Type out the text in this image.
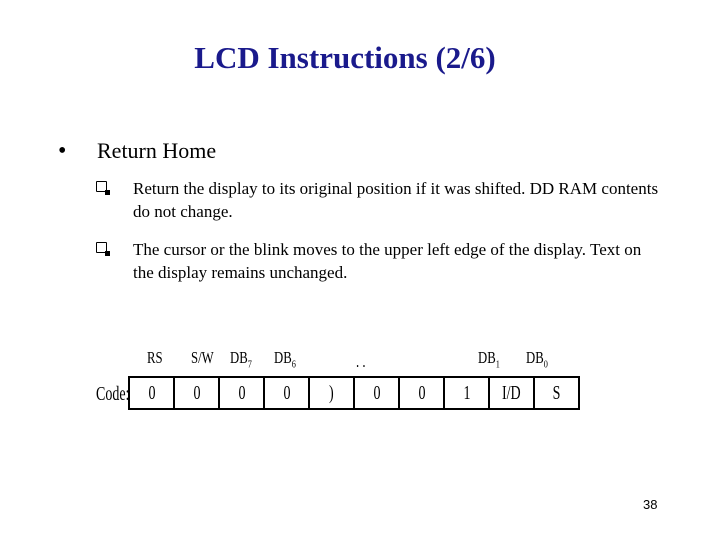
LCD Instructions (2/6)
• Return Home
Return the display to its original position if it was shifted. DD RAM contents do not change.
The cursor or the blink moves to the upper left edge of the display. Text on the display remains unchanged.
RS S/W $DB_7$ $DB_6$	. .	$DB_1$ $DB_0$
Code: 0 0 0 0 ) 0 0 1 I/D S
38
